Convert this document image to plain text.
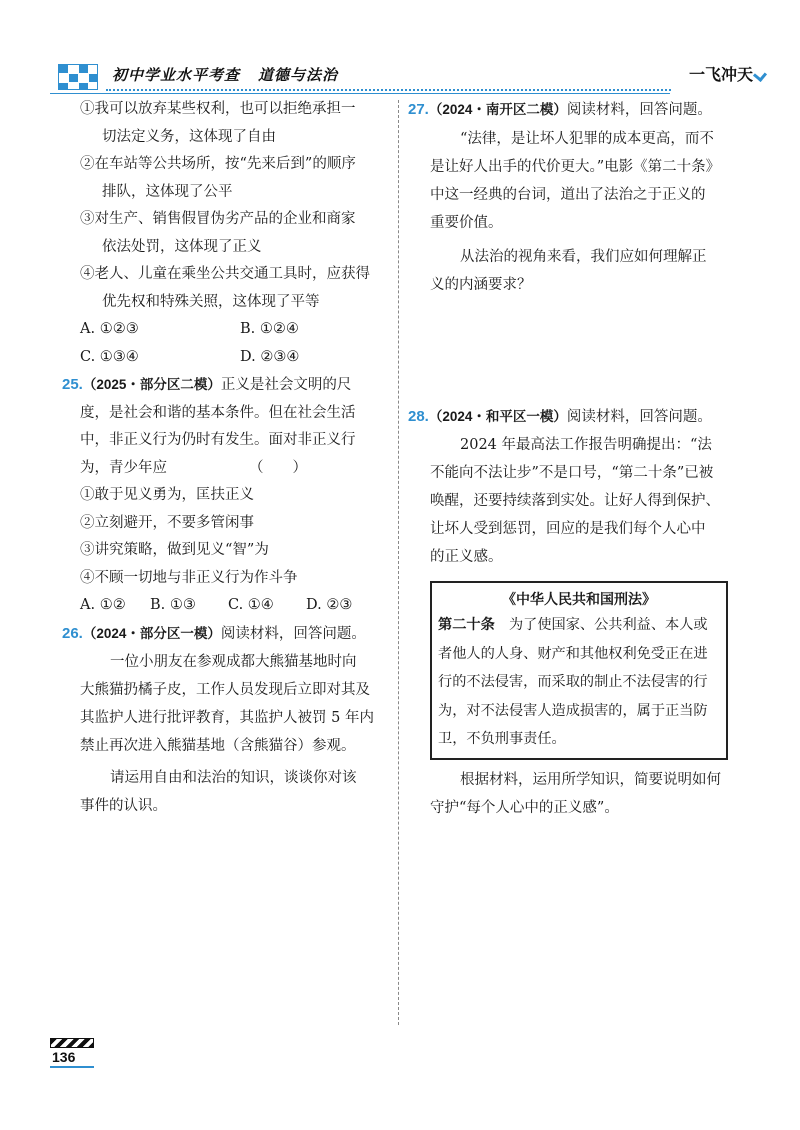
初中学业水平考查 道德与法治	一飞冲天
①我可以放弃某些权利，也可以拒绝承担一
切法定义务，这体现了自由
②在车站等公共场所，按“先来后到”的顺序
排队，这体现了公平
③对生产、销售假冒伪劣产品的企业和商家
依法处罚，这体现了正义
④老人、儿童在乘坐公共交通工具时，应获得
优先权和特殊关照，这体现了平等
A. ①②③	B. ①②④
C. ①③④	D. ②③④
25.（2025・部分区二模）正义是社会文明的尺
度，是社会和谐的基本条件。但在社会生活
中，非正义行为仍时有发生。面对非正义行
为，青少年应	（　　）
①敢于见义勇为，匡扶正义
②立刻避开，不要多管闲事
③讲究策略，做到见义“智”为
④不顾一切地与非正义行为作斗争
A. ①②	B. ①③	C. ①④	D. ②③
26.（2024・部分区一模）阅读材料，回答问题。
一位小朋友在参观成都大熊猫基地时向
大熊猫扔橘子皮，工作人员发现后立即对其及
其监护人进行批评教育，其监护人被罚 5 年内
禁止再次进入熊猫基地（含熊猫谷）参观。
请运用自由和法治的知识，谈谈你对该
事件的认识。
27.（2024・南开区二模）阅读材料，回答问题。
“法律，是让坏人犯罪的成本更高，而不
是让好人出手的代价更大。”电影《第二十条》
中这一经典的台词，道出了法治之于正义的
重要价值。
从法治的视角来看，我们应如何理解正
义的内涵要求？
28.（2024・和平区一模）阅读材料，回答问题。
2024 年最高法工作报告明确提出：“法
不能向不法让步”不是口号，“第二十条”已被
唤醒，还要持续落到实处。让好人得到保护、
让坏人受到惩罚，回应的是我们每个人心中
的正义感。
《中华人民共和国刑法》
第二十条　 为了使国家、公共利益、本人或
者他人的人身、财产和其他权利免受正在进
行的不法侵害，而采取的制止不法侵害的行
为，对不法侵害人造成损害的，属于正当防
卫，不负刑事责任。
根据材料，运用所学知识，简要说明如何
守护“每个人心中的正义感”。
136
